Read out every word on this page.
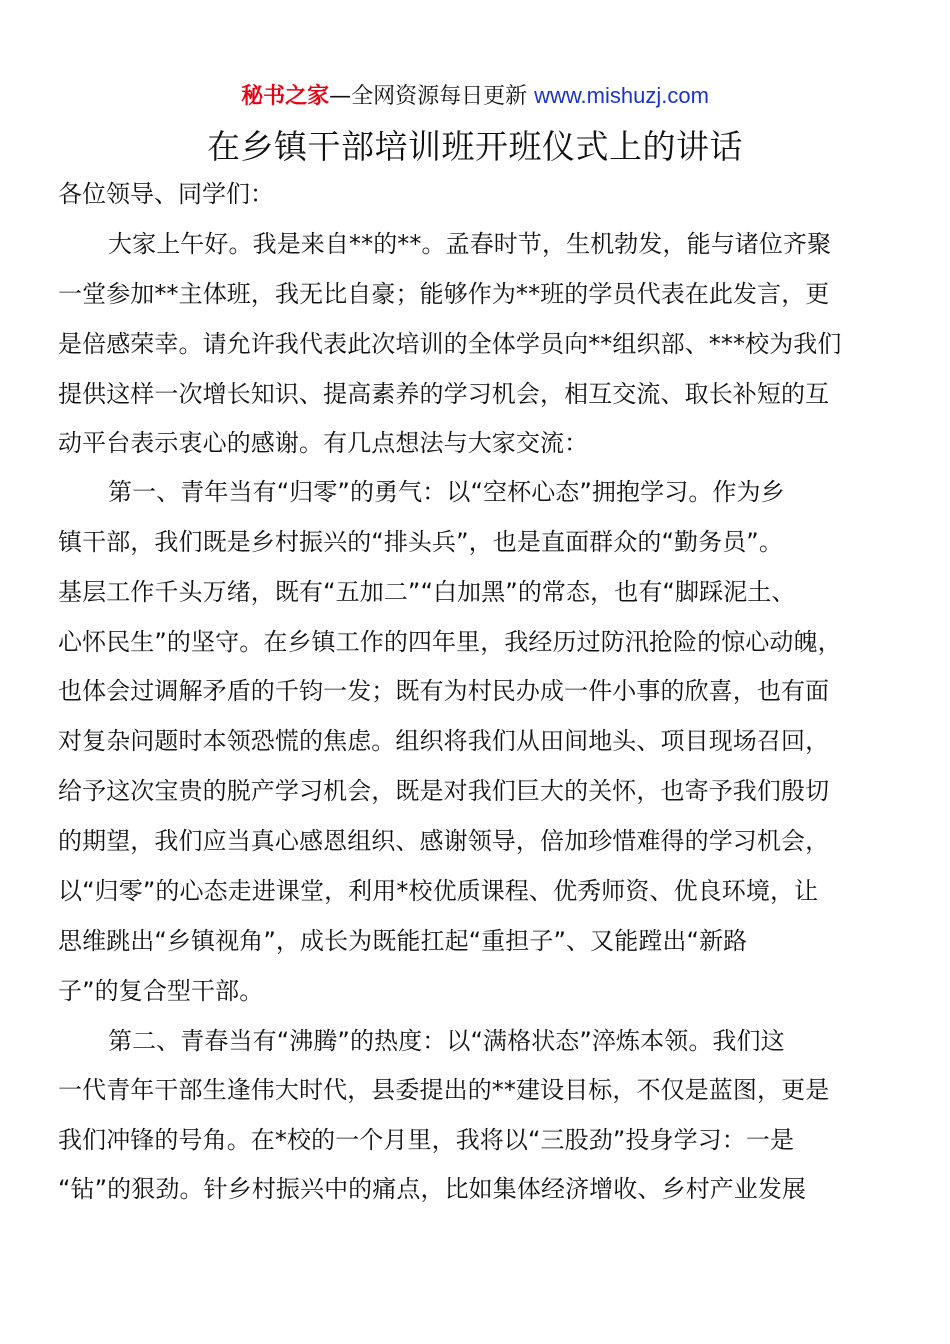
秘书之家—全网资源每日更新 www.mishuzj.com
在乡镇干部培训班开班仪式上的讲话
各位领导、同学们：
大家上午好。我是来自**的**。孟春时节，生机勃发，能与诸位齐聚
一堂参加**主体班，我无比自豪；能够作为**班的学员代表在此发言，更
是倍感荣幸。请允许我代表此次培训的全体学员向**组织部、***校为我们
提供这样一次增长知识、提高素养的学习机会，相互交流、取长补短的互
动平台表示衷心的感谢。有几点想法与大家交流：
第一、青年当有“归零”的勇气：以“空杯心态”拥抱学习。作为乡
镇干部，我们既是乡村振兴的“排头兵”，也是直面群众的“勤务员”。
基层工作千头万绪，既有“五加二”“白加黑”的常态，也有“脚踩泥土、
心怀民生”的坚守。在乡镇工作的四年里，我经历过防汛抢险的惊心动魄，
也体会过调解矛盾的千钧一发；既有为村民办成一件小事的欣喜，也有面
对复杂问题时本领恐慌的焦虑。组织将我们从田间地头、项目现场召回，
给予这次宝贵的脱产学习机会，既是对我们巨大的关怀，也寄予我们殷切
的期望，我们应当真心感恩组织、感谢领导，倍加珍惜难得的学习机会，
以“归零”的心态走进课堂，利用*校优质课程、优秀师资、优良环境，让
思维跳出“乡镇视角”，成长为既能扛起“重担子”、又能蹚出“新路
子”的复合型干部。
第二、青春当有“沸腾”的热度：以“满格状态”淬炼本领。我们这
一代青年干部生逢伟大时代，县委提出的**建设目标，不仅是蓝图，更是
我们冲锋的号角。在*校的一个月里，我将以“三股劲”投身学习：一是
“钻”的狠劲。针乡村振兴中的痛点，比如集体经济增收、乡村产业发展
